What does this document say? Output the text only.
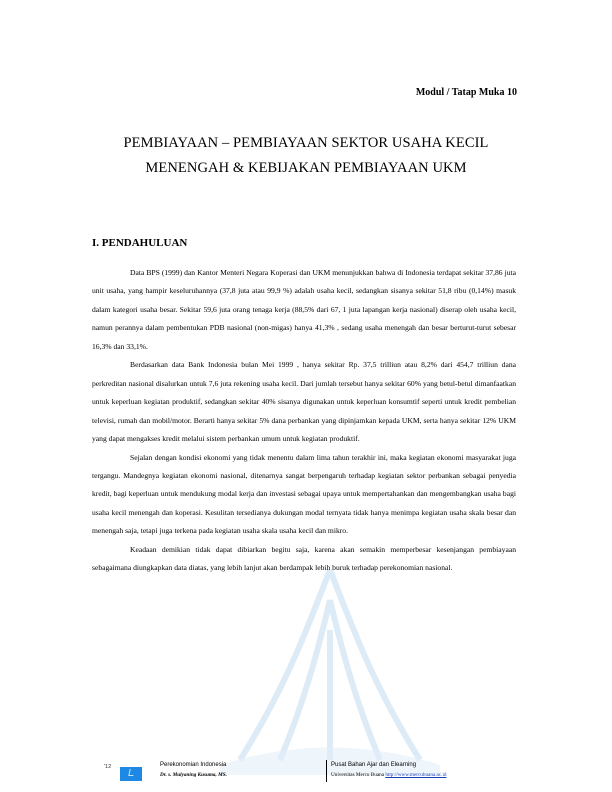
Modul / Tatap Muka 10
PEMBIAYAAN – PEMBIAYAAN SEKTOR USAHA KECIL
MENENGAH & KEBIJAKAN PEMBIAYAAN UKM
I. PENDAHULUAN

Data BPS (1999) dan Kantor Menteri Negara Koperasi dan UKM menunjukkan bahwa di Indonesia terdapat sekitar 37,86 juta unit usaha, yang hampir keseluruhannya (37,8 juta atau 99,9 %) adalah usaha kecil, sedangkan sisanya sekitar 51,8 ribu (0,14%) masuk dalam kategori usaha besar. Sekitar 59,6 juta orang tenaga kerja (88,5% dari 67, 1 juta lapangan kerja nasional) diserap oleh usaha kecil, namun perannya dalam pembentukan PDB nasional (non-migas) hanya 41,3% , sedang usaha menengah dan besar berturut-turut sebesar 16,3% dan 33,1%.

Berdasarkan data Bank Indonesia bulan Mei 1999 , hanya sekitar Rp. 37,5 trilliun atau 8,2% dari 454,7 trilliun dana perkreditan nasional disalurkan untuk 7,6 juta rekening usaha kecil. Dari jumlah tersebut hanya sekitar 60% yang betul-betul dimanfaatkan untuk keperluan kegiatan produktif, sedangkan sekitar 40% sisanya digunakan untuk keperluan konsumtif seperti untuk kredit pembelian televisi, rumah dan mobil/motor. Berarti hanya sekitar 5% dana perbankan yang dipinjamkan kepada UKM, serta hanya sekitar 12% UKM yang dapat mengakses kredit melalui sistem perbankan umum untuk kegiatan produktif.

Sejalan dengan kondisi ekonomi yang tidak menentu dalam lima tahun terakhir ini, maka kegiatan ekonomi masyarakat juga tergangu. Mandegnya kegiatan ekonomi nasional, ditenarnya sangat berpengaruh terhadap kegiatan sektor perbankan sebagai penyedia kredit, bagi keperluan untuk mendukung modal kerja dan investasi sebagai upaya untuk mempertahankan dan mengembangkan usaha bagi usaha kecil menengah dan koperasi. Kesulitan tersedianya dukungan modal ternyata tidak hanya menimpa kegiatan usaha skala besar dan menengah saja, tetapi juga terkena pada kegiatan usaha skala usaha kecil dan mikro.

Keadaan demikian tidak dapat dibiarkan begitu saja, karena akan semakin memperbesar kesenjangan pembiayaan sebagaimana diungkapkan data diatas, yang lebih lanjut akan berdampak lebih buruk terhadap perekonomian nasional.

'12	Perekonomian Indonesia
Dr. s. Mulyaning Kusuma, MS.
Pusat Bahan Ajar dan Elearning
Universitas Mercu Buana http://www.mercubuana.ac.id
